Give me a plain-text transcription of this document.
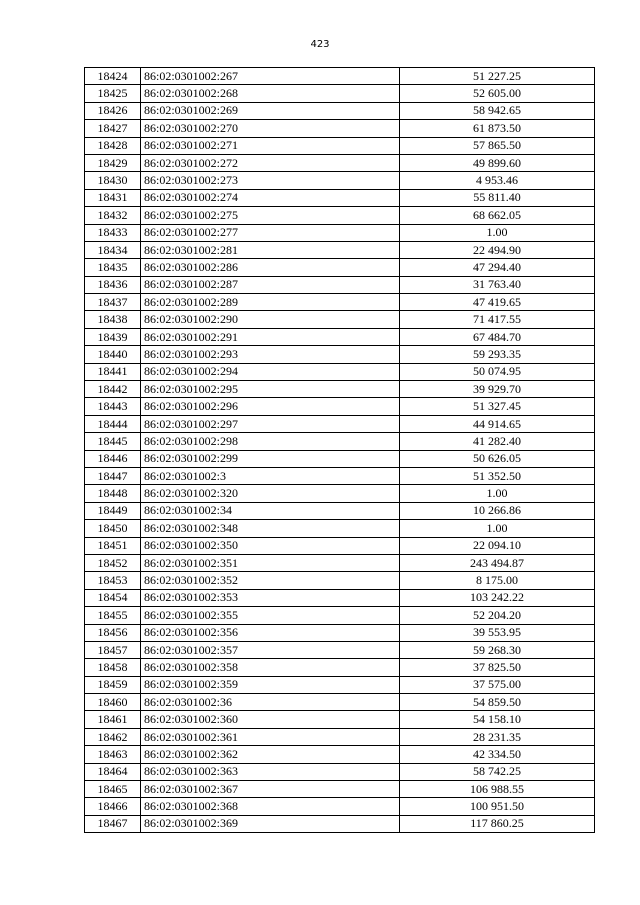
423
18424	86:02:0301002:267	51 227.25
18425	86:02:0301002:268	52 605.00
18426	86:02:0301002:269	58 942.65
18427	86:02:0301002:270	61 873.50
18428	86:02:0301002:271	57 865.50
18429	86:02:0301002:272	49 899.60
18430	86:02:0301002:273	4 953.46
18431	86:02:0301002:274	55 811.40
18432	86:02:0301002:275	68 662.05
18433	86:02:0301002:277	1.00
18434	86:02:0301002:281	22 494.90
18435	86:02:0301002:286	47 294.40
18436	86:02:0301002:287	31 763.40
18437	86:02:0301002:289	47 419.65
18438	86:02:0301002:290	71 417.55
18439	86:02:0301002:291	67 484.70
18440	86:02:0301002:293	59 293.35
18441	86:02:0301002:294	50 074.95
18442	86:02:0301002:295	39 929.70
18443	86:02:0301002:296	51 327.45
18444	86:02:0301002:297	44 914.65
18445	86:02:0301002:298	41 282.40
18446	86:02:0301002:299	50 626.05
18447	86:02:0301002:3	51 352.50
18448	86:02:0301002:320	1.00
18449	86:02:0301002:34	10 266.86
18450	86:02:0301002:348	1.00
18451	86:02:0301002:350	22 094.10
18452	86:02:0301002:351	243 494.87
18453	86:02:0301002:352	8 175.00
18454	86:02:0301002:353	103 242.22
18455	86:02:0301002:355	52 204.20
18456	86:02:0301002:356	39 553.95
18457	86:02:0301002:357	59 268.30
18458	86:02:0301002:358	37 825.50
18459	86:02:0301002:359	37 575.00
18460	86:02:0301002:36	54 859.50
18461	86:02:0301002:360	54 158.10
18462	86:02:0301002:361	28 231.35
18463	86:02:0301002:362	42 334.50
18464	86:02:0301002:363	58 742.25
18465	86:02:0301002:367	106 988.55
18466	86:02:0301002:368	100 951.50
18467	86:02:0301002:369	117 860.25
